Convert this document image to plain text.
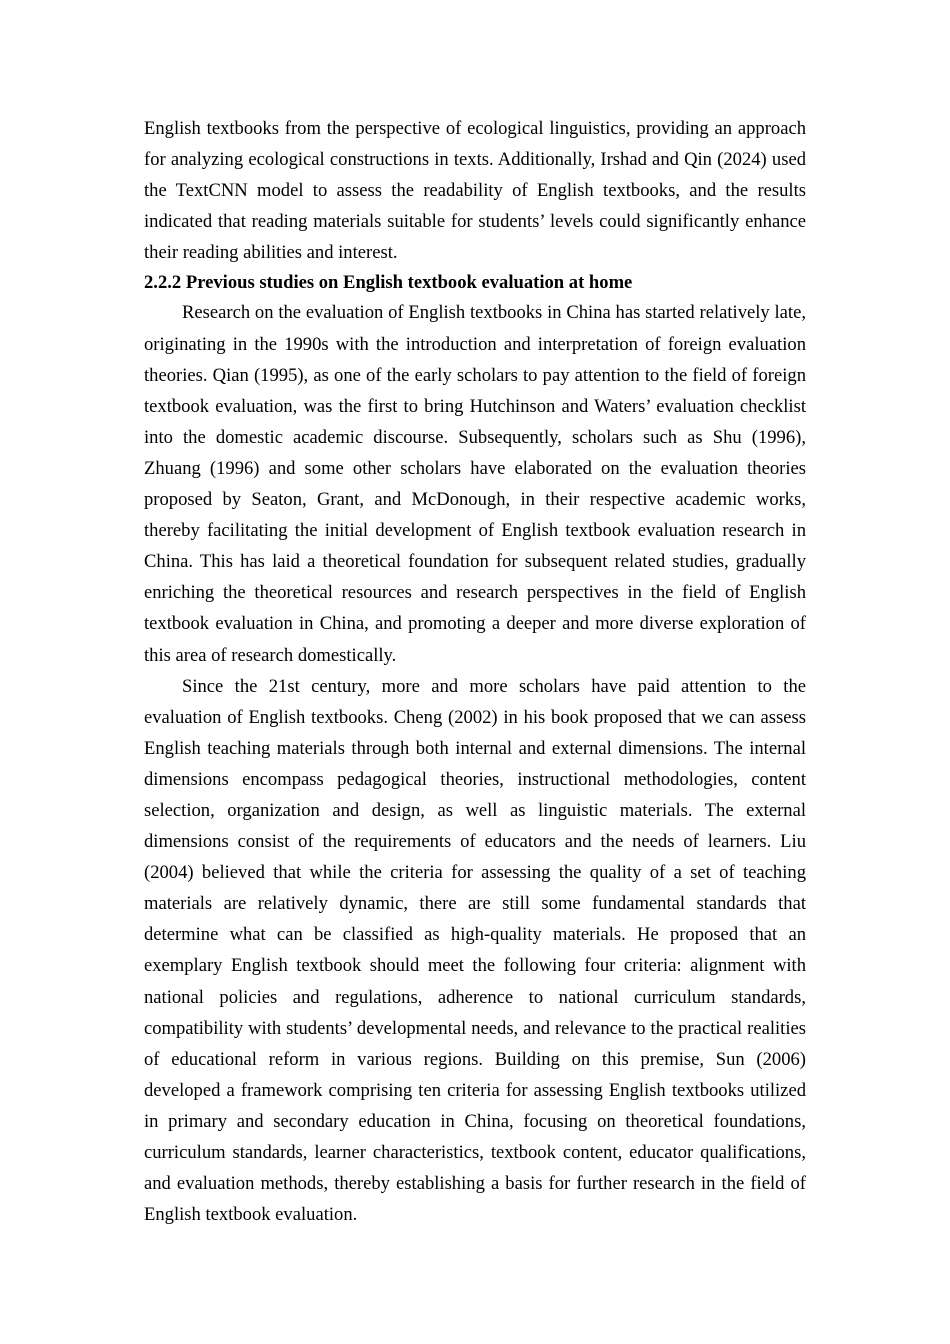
English textbooks from the perspective of ecological linguistics, providing an approach for analyzing ecological constructions in texts. Additionally, Irshad and Qin (2024) used the TextCNN model to assess the readability of English textbooks, and the results indicated that reading materials suitable for students’ levels could significantly enhance their reading abilities and interest.

2.2.2 Previous studies on English textbook evaluation at home

Research on the evaluation of English textbooks in China has started relatively late, originating in the 1990s with the introduction and interpretation of foreign evaluation theories. Qian (1995), as one of the early scholars to pay attention to the field of foreign textbook evaluation, was the first to bring Hutchinson and Waters’ evaluation checklist into the domestic academic discourse. Subsequently, scholars such as Shu (1996), Zhuang (1996) and some other scholars have elaborated on the evaluation theories proposed by Seaton, Grant, and McDonough, in their respective academic works, thereby facilitating the initial development of English textbook evaluation research in China. This has laid a theoretical foundation for subsequent related studies, gradually enriching the theoretical resources and research perspectives in the field of English textbook evaluation in China, and promoting a deeper and more diverse exploration of this area of research domestically.

Since the 21st century, more and more scholars have paid attention to the evaluation of English textbooks. Cheng (2002) in his book proposed that we can assess English teaching materials through both internal and external dimensions. The internal dimensions encompass pedagogical theories, instructional methodologies, content selection, organization and design, as well as linguistic materials. The external dimensions consist of the requirements of educators and the needs of learners. Liu (2004) believed that while the criteria for assessing the quality of a set of teaching materials are relatively dynamic, there are still some fundamental standards that determine what can be classified as high-quality materials. He proposed that an exemplary English textbook should meet the following four criteria: alignment with national policies and regulations, adherence to national curriculum standards, compatibility with students’ developmental needs, and relevance to the practical realities of educational reform in various regions. Building on this premise, Sun (2006) developed a framework comprising ten criteria for assessing English textbooks utilized in primary and secondary education in China, focusing on theoretical foundations, curriculum standards, learner characteristics, textbook content, educator qualifications, and evaluation methods, thereby establishing a basis for further research in the field of English textbook evaluation.
